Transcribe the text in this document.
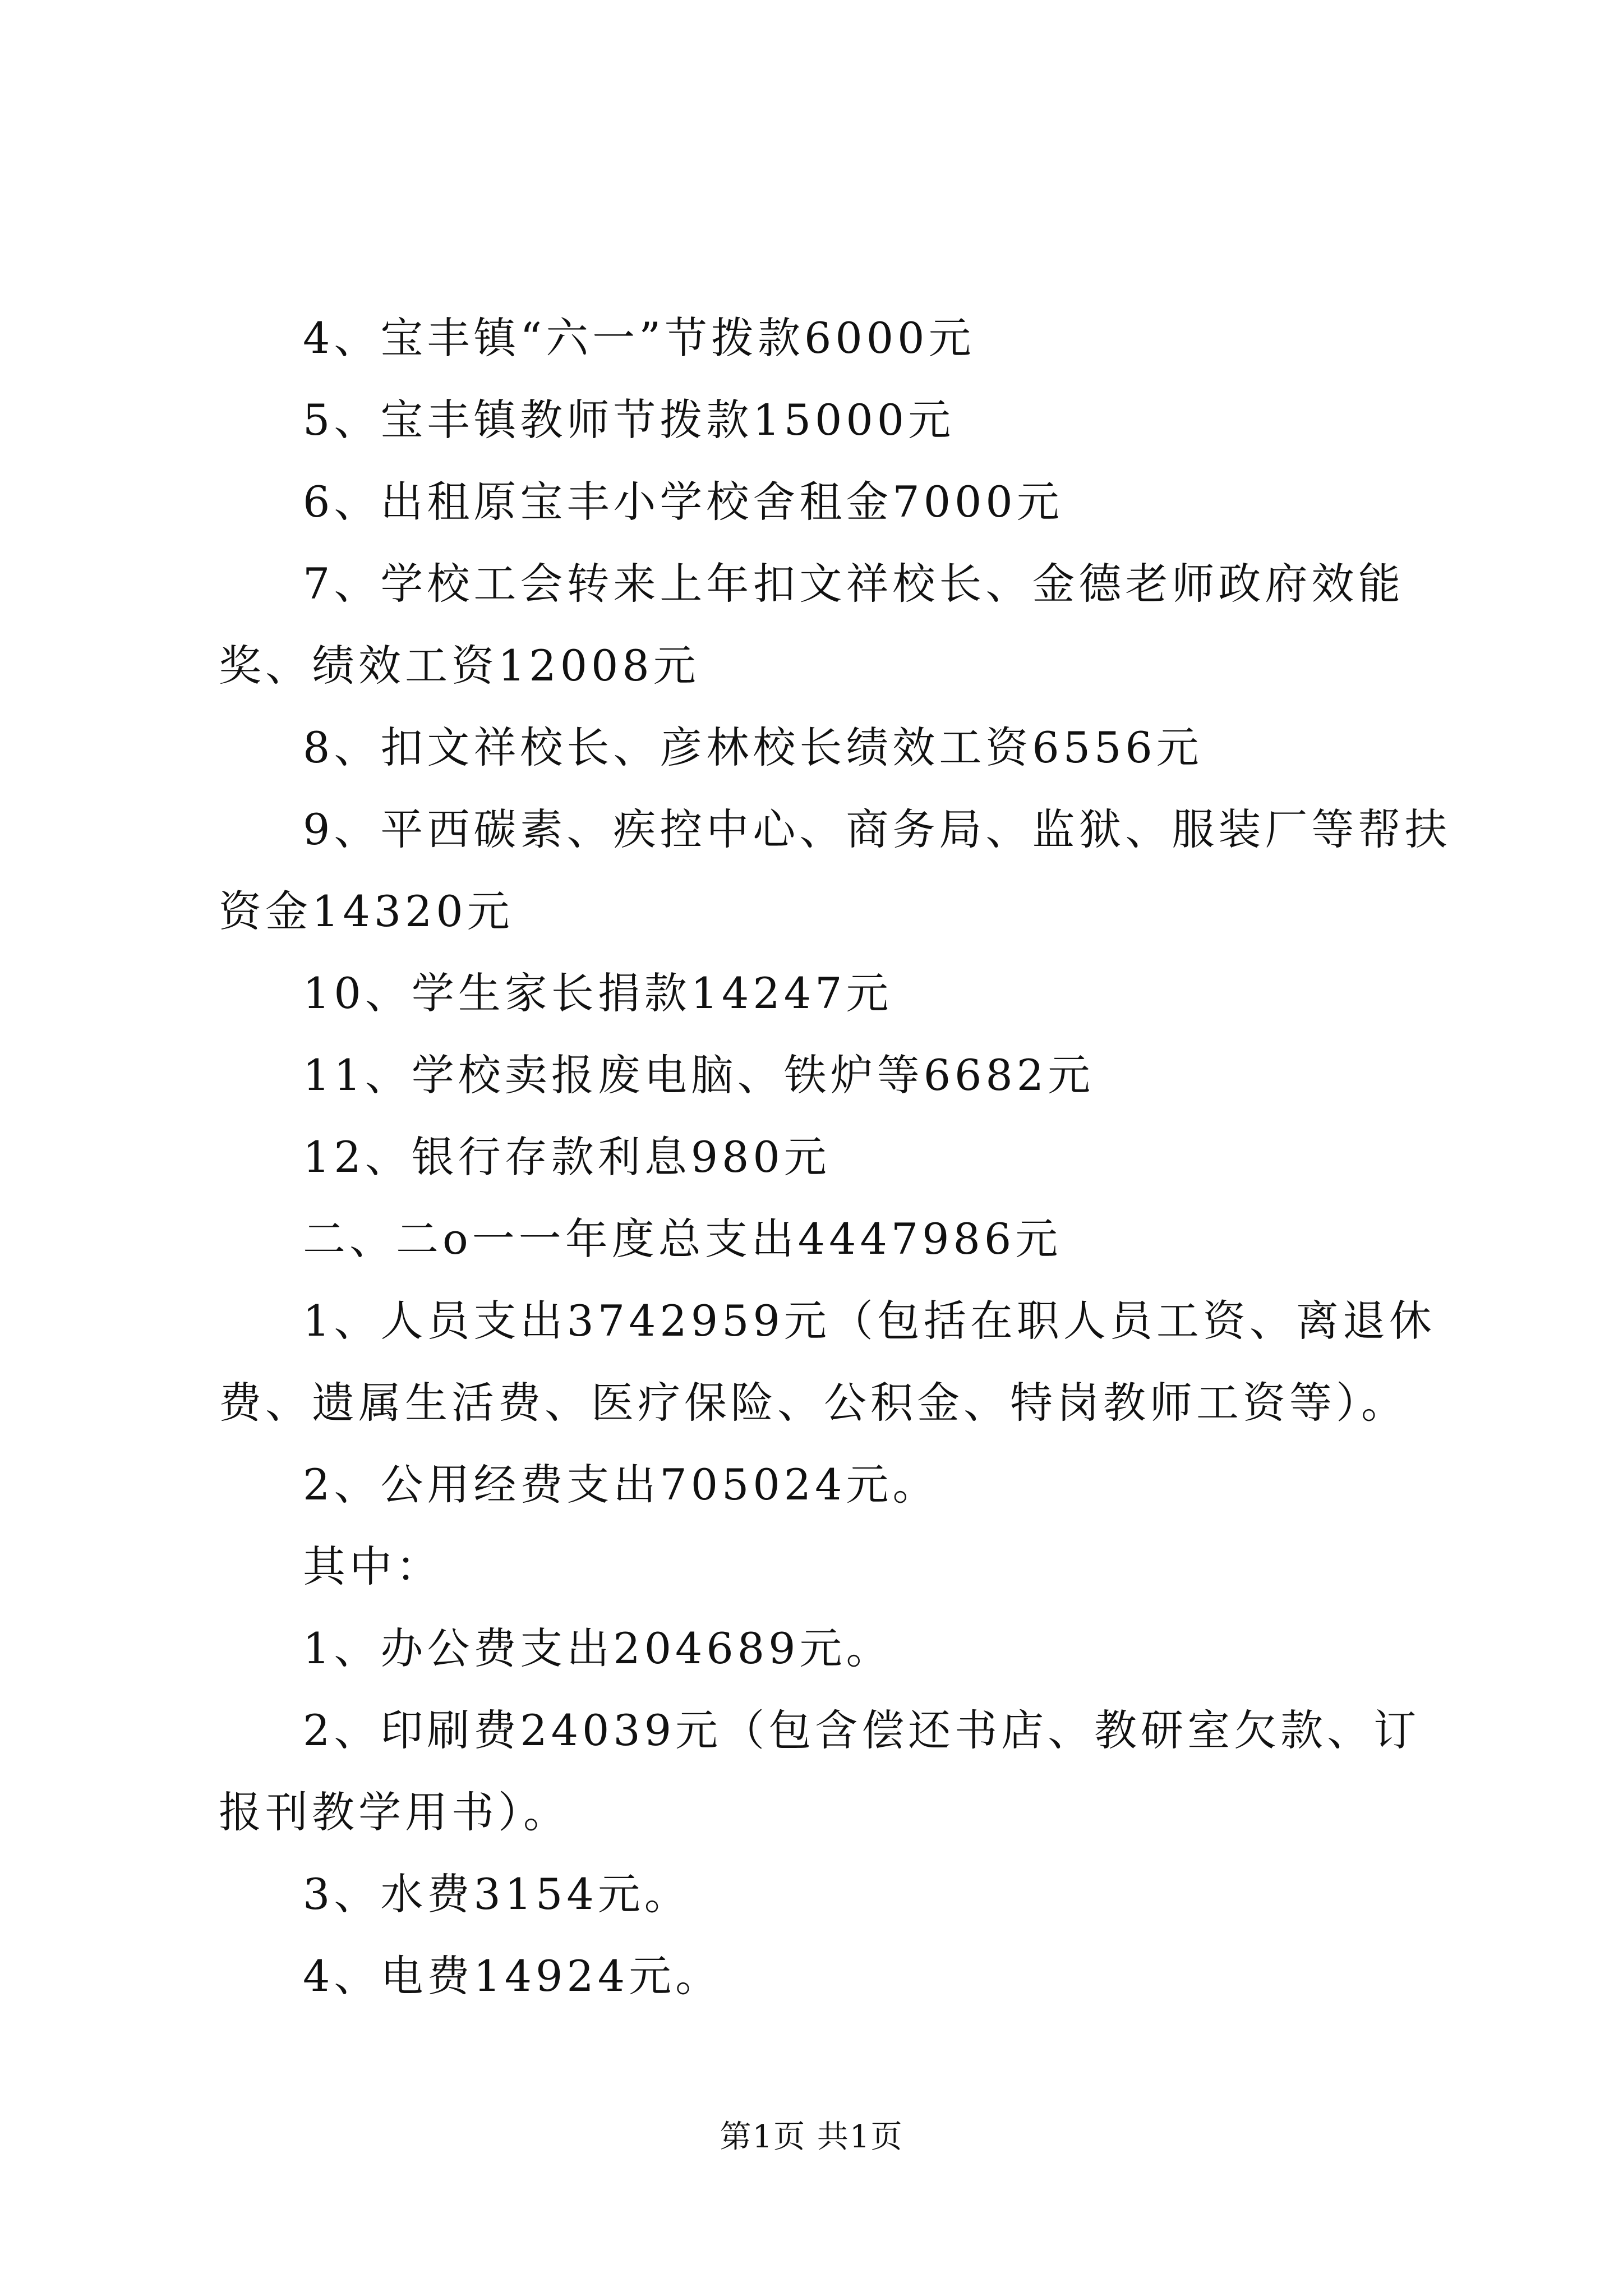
4、宝丰镇“六一”节拨款6000元

5、宝丰镇教师节拨款15000元

6、出租原宝丰小学校舍租金7000元

7、学校工会转来上年扣文祥校长、金德老师政府效能奖、绩效工资12008元

8、扣文祥校长、彦林校长绩效工资6556元

9、平西碳素、疾控中心、商务局、监狱、服装厂等帮扶资金14320元

10、学生家长捐款14247元

11、学校卖报废电脑、铁炉等6682元

12、银行存款利息980元

二、二o一一年度总支出4447986元

1、人员支出3742959元（包括在职人员工资、离退休费、遗属生活费、医疗保险、公积金、特岗教师工资等）。

2、公用经费支出705024元。

其中：

1、办公费支出204689元。

2、印刷费24039元（包含偿还书店、教研室欠款、订报刊教学用书）。

3、水费3154元。

4、电费14924元。

第1页 共1页
